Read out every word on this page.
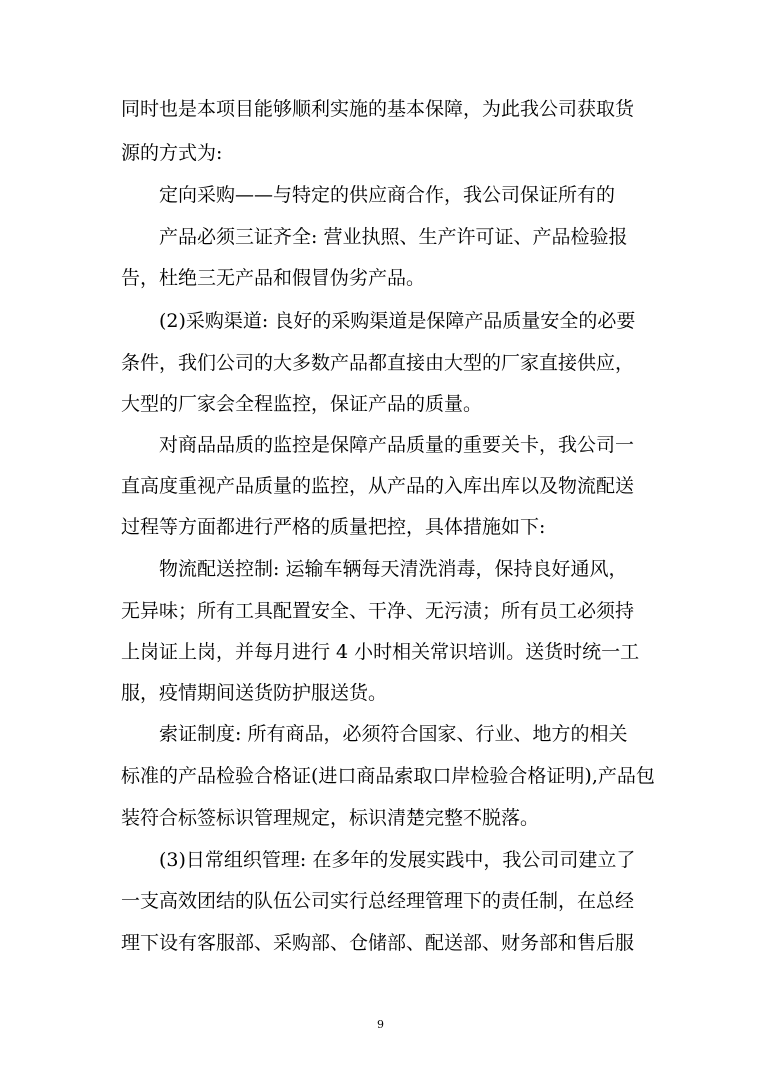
同时也是本项目能够顺利实施的基本保障，为此我公司获取货
源的方式为:
定向采购——与特定的供应商合作，我公司保证所有的
产品必须三证齐全: 营业执照、生产许可证、产品检验报
告，杜绝三无产品和假冒伪劣产品。
(2)采购渠道: 良好的采购渠道是保障产品质量安全的必要
条件，我们公司的大多数产品都直接由大型的厂家直接供应，
大型的厂家会全程监控，保证产品的质量。
对商品品质的监控是保障产品质量的重要关卡，我公司一
直高度重视产品质量的监控，从产品的入库出库以及物流配送
过程等方面都进行严格的质量把控，具体措施如下:
物流配送控制: 运输车辆每天清洗消毒，保持良好通风，
无异味；所有工具配置安全、干净、无污渍；所有员工必须持
上岗证上岗，并每月进行 4 小时相关常识培训。送货时统一工
服，疫情期间送货防护服送货。
索证制度: 所有商品，必须符合国家、行业、地方的相关
标准的产品检验合格证(进口商品索取口岸检验合格证明),产品包
装符合标签标识管理规定，标识清楚完整不脱落。
(3)日常组织管理: 在多年的发展实践中，我公司司建立了
一支高效团结的队伍公司实行总经理管理下的责任制，在总经
理下设有客服部、采购部、仓储部、配送部、财务部和售后服
9
